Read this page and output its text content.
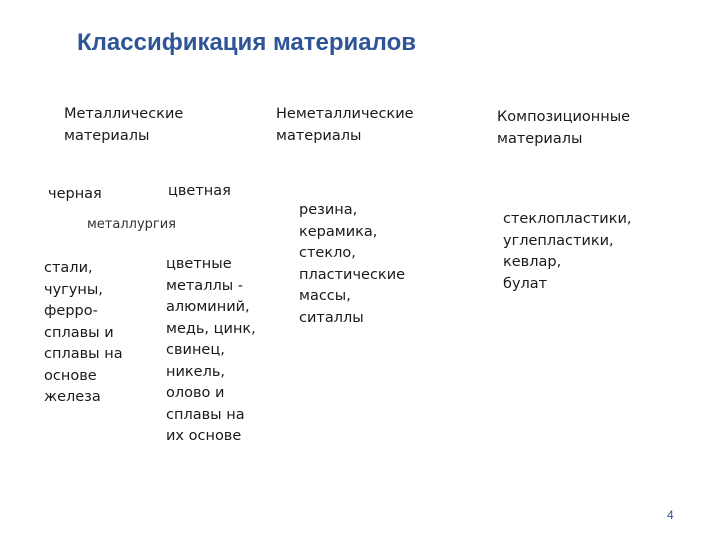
Классификация материалов
Металлические
материалы
Неметаллические
материалы
Композиционные
материалы
черная	цветная
металлургия
стали,
чугуны,
ферро-
сплавы и
сплавы на
основе
железа
цветные
металлы -
алюминий,
медь, цинк,
свинец,
никель,
олово и
сплавы на
их основе
резина,
керамика,
стекло,
пластические
массы,
ситаллы
стеклопластики,
углепластики,
кевлар,
булат
4
